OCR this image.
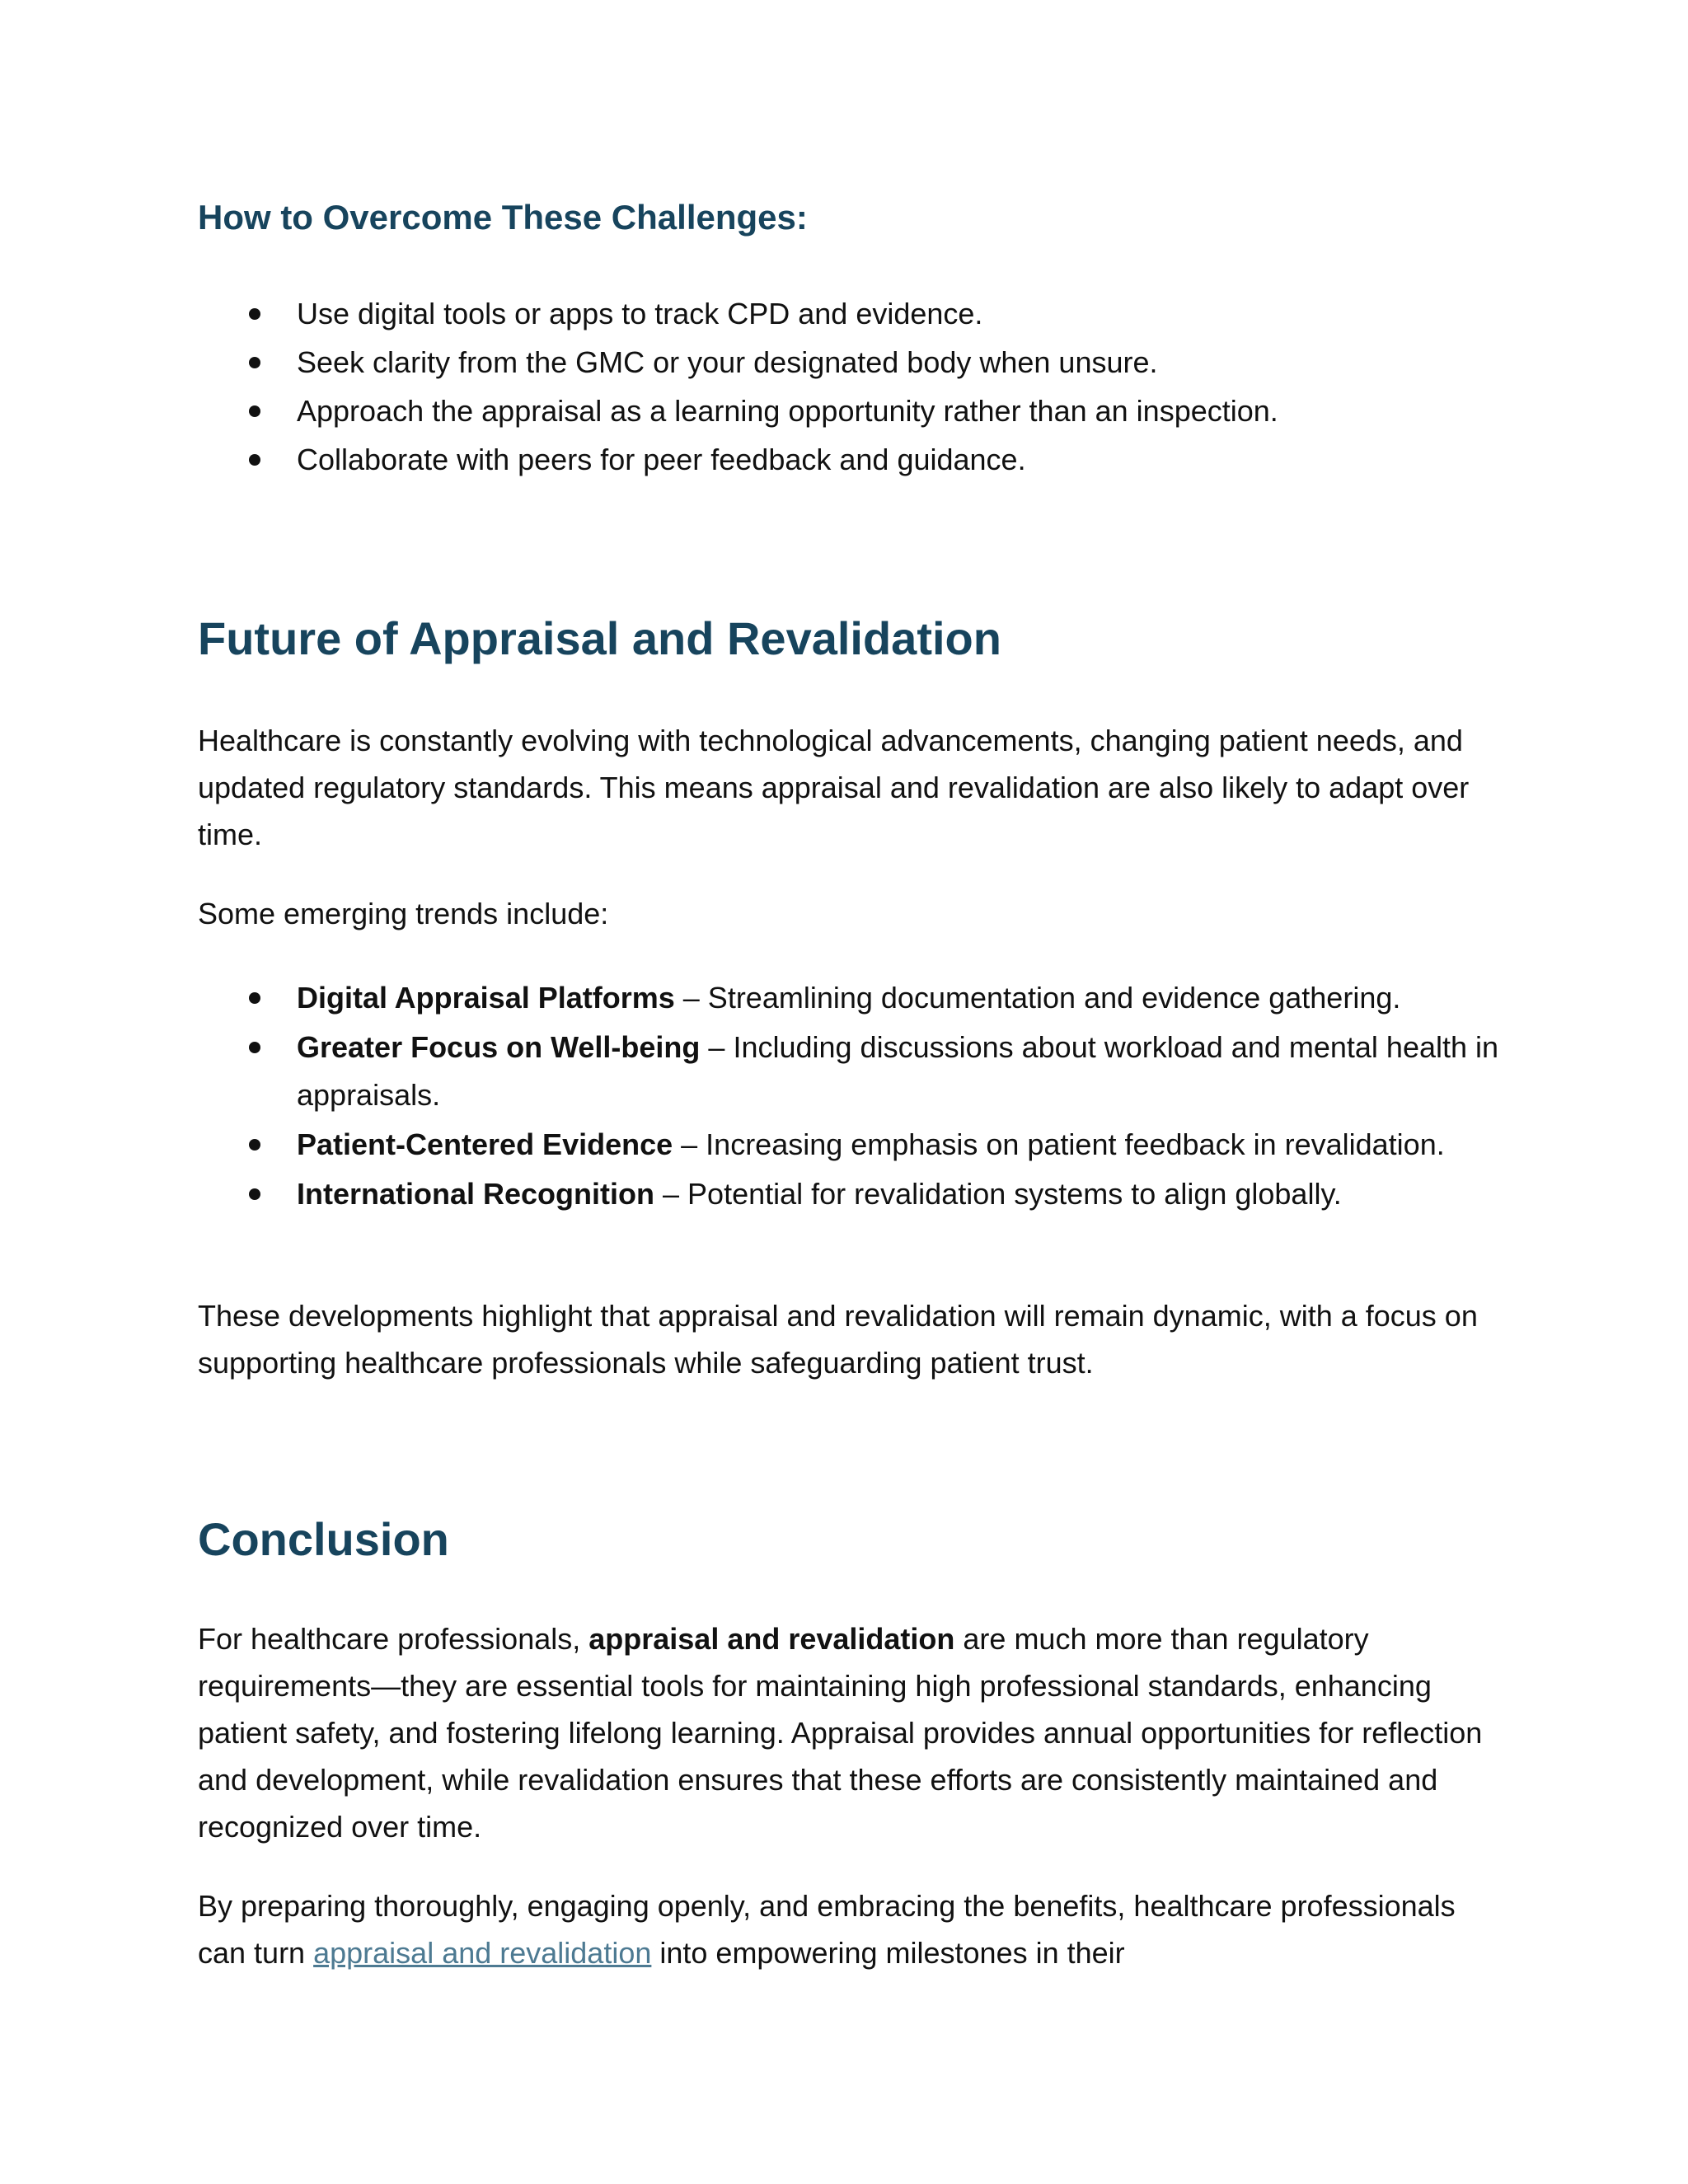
How to Overcome These Challenges:
Use digital tools or apps to track CPD and evidence.
Seek clarity from the GMC or your designated body when unsure.
Approach the appraisal as a learning opportunity rather than an inspection.
Collaborate with peers for peer feedback and guidance.
Future of Appraisal and Revalidation

Healthcare is constantly evolving with technological advancements, changing patient needs, and updated regulatory standards. This means appraisal and revalidation are also likely to adapt over time.

Some emerging trends include:

Digital Appraisal Platforms – Streamlining documentation and evidence gathering.
Greater Focus on Well-being – Including discussions about workload and mental health in appraisals.
Patient-Centered Evidence – Increasing emphasis on patient feedback in revalidation.
International Recognition – Potential for revalidation systems to align globally.

These developments highlight that appraisal and revalidation will remain dynamic, with a focus on supporting healthcare professionals while safeguarding patient trust.

Conclusion

For healthcare professionals, appraisal and revalidation are much more than regulatory requirements—they are essential tools for maintaining high professional standards, enhancing patient safety, and fostering lifelong learning. Appraisal provides annual opportunities for reflection and development, while revalidation ensures that these efforts are consistently maintained and recognized over time.

By preparing thoroughly, engaging openly, and embracing the benefits, healthcare professionals can turn appraisal and revalidation into empowering milestones in their
